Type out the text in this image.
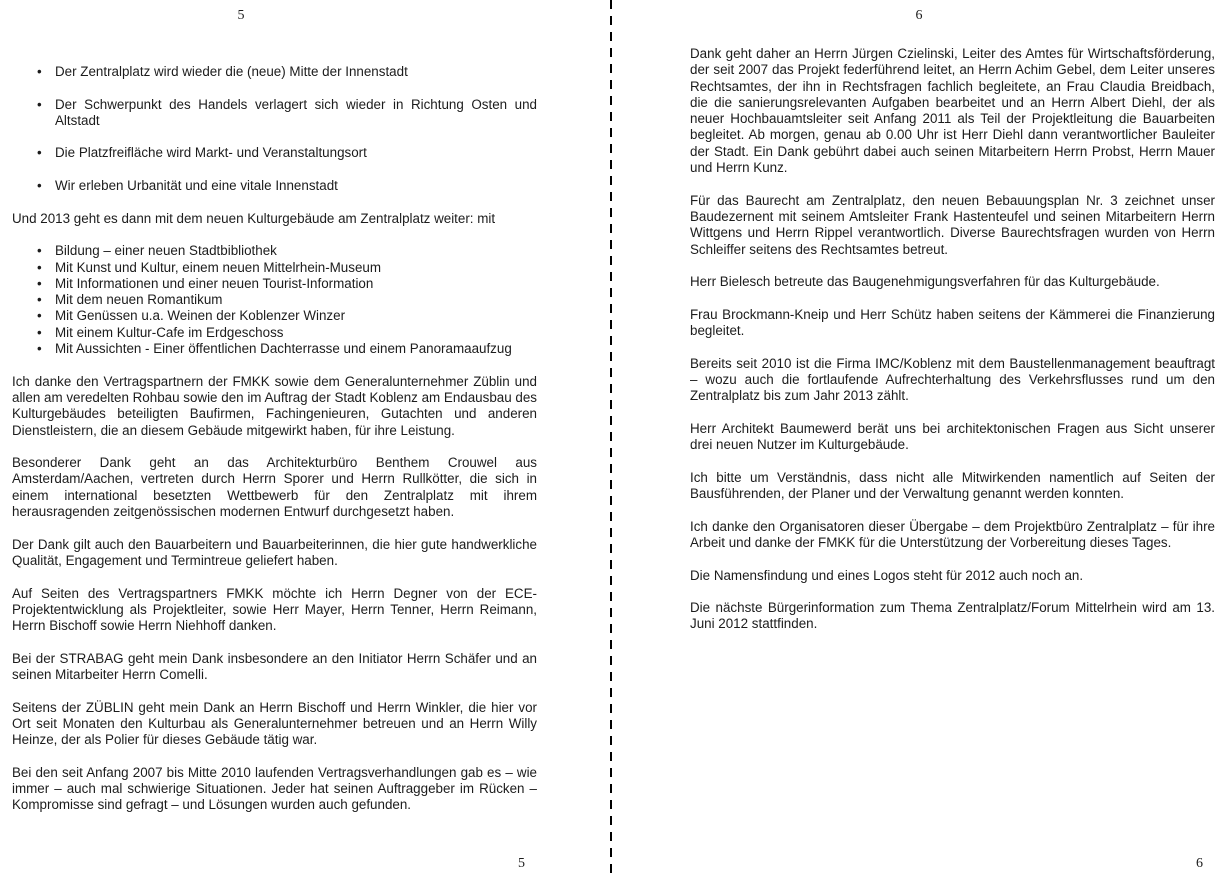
5
• Der Zentralplatz wird wieder die (neue) Mitte der Innenstadt
• Der Schwerpunkt des Handels verlagert sich wieder in Richtung Osten und Altstadt
• Die Platzfreifläche wird Markt- und Veranstaltungsort
• Wir erleben Urbanität und eine vitale Innenstadt

Und 2013 geht es dann mit dem neuen Kulturgebäude am Zentralplatz weiter: mit

• Bildung – einer neuen Stadtbibliothek
• Mit Kunst und Kultur, einem neuen Mittelrhein-Museum
• Mit Informationen und einer neuen Tourist-Information
• Mit dem neuen Romantikum
• Mit Genüssen u.a. Weinen der Koblenzer Winzer
• Mit einem Kultur-Cafe im Erdgeschoss
• Mit Aussichten - Einer öffentlichen Dachterrasse und einem Panoramaaufzug

Ich danke den Vertragspartnern der FMKK sowie dem Generalunternehmer Züblin und allen am veredelten Rohbau sowie den im Auftrag der Stadt Koblenz am Endausbau des Kulturgebäudes beteiligten Baufirmen, Fachingenieuren, Gutachten und anderen Dienstleistern, die an diesem Gebäude mitgewirkt haben, für ihre Leistung.

Besonderer Dank geht an das Architekturbüro Benthem Crouwel aus Amsterdam/Aachen, vertreten durch Herrn Sporer und Herrn Rullkötter, die sich in einem international besetzten Wettbewerb für den Zentralplatz mit ihrem herausragenden zeitgenössischen modernen Entwurf durchgesetzt haben.

Der Dank gilt auch den Bauarbeitern und Bauarbeiterinnen, die hier gute handwerkliche Qualität, Engagement und Termintreue geliefert haben.

Auf Seiten des Vertragspartners FMKK möchte ich Herrn Degner von der ECE-Projektentwicklung als Projektleiter, sowie Herr Mayer, Herrn Tenner, Herrn Reimann, Herrn Bischoff sowie Herrn Niehhoff danken.

Bei der STRABAG geht mein Dank insbesondere an den Initiator Herrn Schäfer und an seinen Mitarbeiter Herrn Comelli.

Seitens der ZÜBLIN geht mein Dank an Herrn Bischoff und Herrn Winkler, die hier vor Ort seit Monaten den Kulturbau als Generalunternehmer betreuen und an Herrn Willy Heinze, der als Polier für dieses Gebäude tätig war.

Bei den seit Anfang 2007 bis Mitte 2010 laufenden Vertragsverhandlungen gab es – wie immer – auch mal schwierige Situationen. Jeder hat seinen Auftraggeber im Rücken – Kompromisse sind gefragt – und Lösungen wurden auch gefunden.

5
6

Dank geht daher an Herrn Jürgen Czielinski, Leiter des Amtes für Wirtschaftsförderung, der seit 2007 das Projekt federführend leitet, an Herrn Achim Gebel, dem Leiter unseres Rechtsamtes, der ihn in Rechtsfragen fachlich begleitete, an Frau Claudia Breidbach, die die sanierungsrelevanten Aufgaben bearbeitet und an Herrn Albert Diehl, der als neuer Hochbauamtsleiter seit Anfang 2011 als Teil der Projektleitung die Bauarbeiten begleitet. Ab morgen, genau ab 0.00 Uhr ist Herr Diehl dann verantwortlicher Bauleiter der Stadt. Ein Dank gebührt dabei auch seinen Mitarbeitern Herrn Probst, Herrn Mauer und Herrn Kunz.

Für das Baurecht am Zentralplatz, den neuen Bebauungsplan Nr. 3 zeichnet unser Baudezernent mit seinem Amtsleiter Frank Hastenteufel und seinen Mitarbeitern Herrn Wittgens und Herrn Rippel verantwortlich. Diverse Baurechtsfragen wurden von Herrn Schleiffer seitens des Rechtsamtes betreut.

Herr Bielesch betreute das Baugenehmigungsverfahren für das Kulturgebäude.

Frau Brockmann-Kneip und Herr Schütz haben seitens der Kämmerei die Finanzierung begleitet.

Bereits seit 2010 ist die Firma IMC/Koblenz mit dem Baustellenmanagement beauftragt – wozu auch die fortlaufende Aufrechterhaltung des Verkehrsflusses rund um den Zentralplatz bis zum Jahr 2013 zählt.

Herr Architekt Baumewerd berät uns bei architektonischen Fragen aus Sicht unserer drei neuen Nutzer im Kulturgebäude.

Ich bitte um Verständnis, dass nicht alle Mitwirkenden namentlich auf Seiten der Bausführenden, der Planer und der Verwaltung genannt werden konnten.

Ich danke den Organisatoren dieser Übergabe – dem Projektbüro Zentralplatz – für ihre Arbeit und danke der FMKK für die Unterstützung der Vorbereitung dieses Tages.

Die Namensfindung und eines Logos steht für 2012 auch noch an.

Die nächste Bürgerinformation zum Thema Zentralplatz/Forum Mittelrhein wird am 13. Juni 2012 stattfinden.

6
